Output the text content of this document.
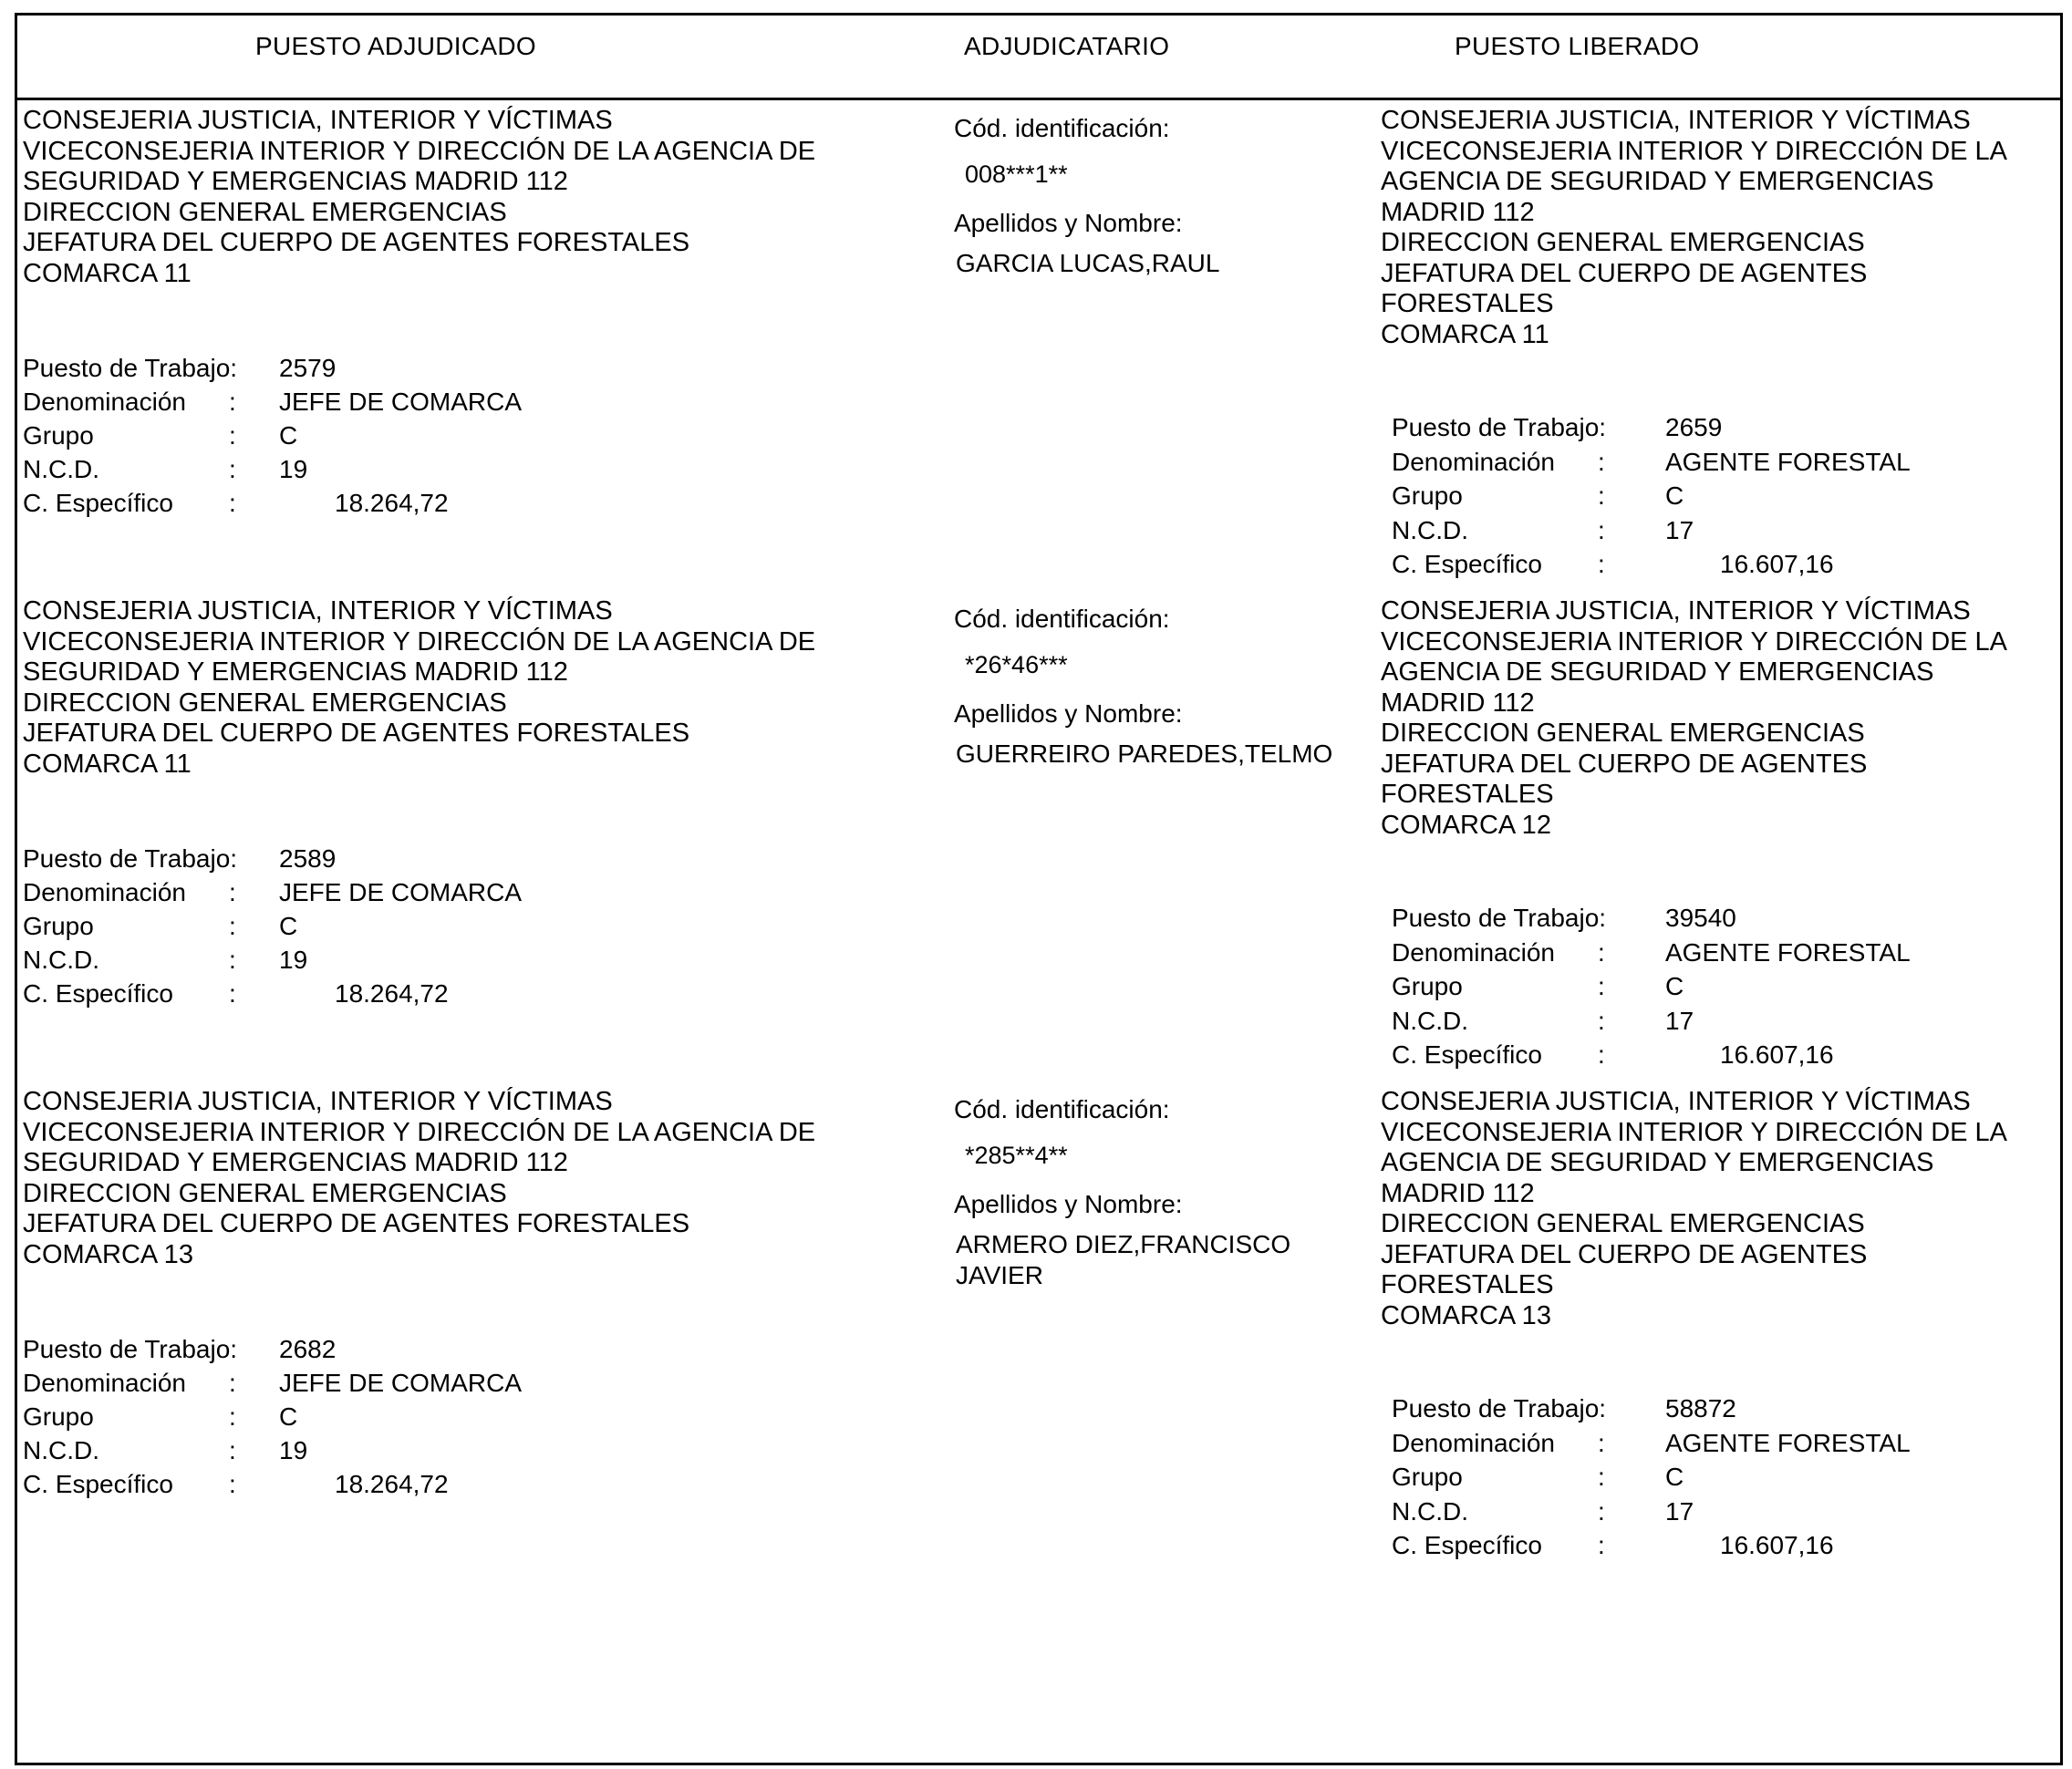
PUESTO ADJUDICADO	ADJUDICATARIO	PUESTO LIBERADO
CONSEJERIA JUSTICIA, INTERIOR Y VÍCTIMAS
VICECONSEJERIA INTERIOR Y DIRECCIÓN DE LA AGENCIA DE
SEGURIDAD Y EMERGENCIAS MADRID 112
DIRECCION GENERAL EMERGENCIAS
JEFATURA DEL CUERPO DE AGENTES FORESTALES
COMARCA 11
Puesto de Trabajo: 2579
Denominación : JEFE DE COMARCA
Grupo	: C
N.C.D.	: 19
C. Específico :	18.264,72
Cód. identificación:
008***1**
Apellidos y Nombre:
GARCIA LUCAS,RAUL
CONSEJERIA JUSTICIA, INTERIOR Y VÍCTIMAS
VICECONSEJERIA INTERIOR Y DIRECCIÓN DE LA
AGENCIA DE SEGURIDAD Y EMERGENCIAS
MADRID 112
DIRECCION GENERAL EMERGENCIAS
JEFATURA DEL CUERPO DE AGENTES
FORESTALES
COMARCA 11
Puesto de Trabajo: 2659
Denominación : AGENTE FORESTAL
Grupo	: C
N.C.D.	: 17
C. Específico :	16.607,16
CONSEJERIA JUSTICIA, INTERIOR Y VÍCTIMAS
VICECONSEJERIA INTERIOR Y DIRECCIÓN DE LA AGENCIA DE
SEGURIDAD Y EMERGENCIAS MADRID 112
DIRECCION GENERAL EMERGENCIAS
JEFATURA DEL CUERPO DE AGENTES FORESTALES
COMARCA 11
Puesto de Trabajo: 2589
Denominación : JEFE DE COMARCA
Grupo	: C
N.C.D.	: 19
C. Específico :	18.264,72
Cód. identificación:
*26*46***
Apellidos y Nombre:
GUERREIRO PAREDES,TELMO
CONSEJERIA JUSTICIA, INTERIOR Y VÍCTIMAS
VICECONSEJERIA INTERIOR Y DIRECCIÓN DE LA
AGENCIA DE SEGURIDAD Y EMERGENCIAS
MADRID 112
DIRECCION GENERAL EMERGENCIAS
JEFATURA DEL CUERPO DE AGENTES
FORESTALES
COMARCA 12
Puesto de Trabajo: 39540
Denominación : AGENTE FORESTAL
Grupo	: C
N.C.D.	: 17
C. Específico :	16.607,16
CONSEJERIA JUSTICIA, INTERIOR Y VÍCTIMAS
VICECONSEJERIA INTERIOR Y DIRECCIÓN DE LA AGENCIA DE
SEGURIDAD Y EMERGENCIAS MADRID 112
DIRECCION GENERAL EMERGENCIAS
JEFATURA DEL CUERPO DE AGENTES FORESTALES
COMARCA 13
Puesto de Trabajo: 2682
Denominación : JEFE DE COMARCA
Grupo	: C
N.C.D.	: 19
C. Específico :	18.264,72
Cód. identificación:
*285**4**
Apellidos y Nombre:
ARMERO DIEZ,FRANCISCO
JAVIER
CONSEJERIA JUSTICIA, INTERIOR Y VÍCTIMAS
VICECONSEJERIA INTERIOR Y DIRECCIÓN DE LA
AGENCIA DE SEGURIDAD Y EMERGENCIAS
MADRID 112
DIRECCION GENERAL EMERGENCIAS
JEFATURA DEL CUERPO DE AGENTES
FORESTALES
COMARCA 13
Puesto de Trabajo: 58872
Denominación : AGENTE FORESTAL
Grupo	: C
N.C.D.	: 17
C. Específico :	16.607,16
